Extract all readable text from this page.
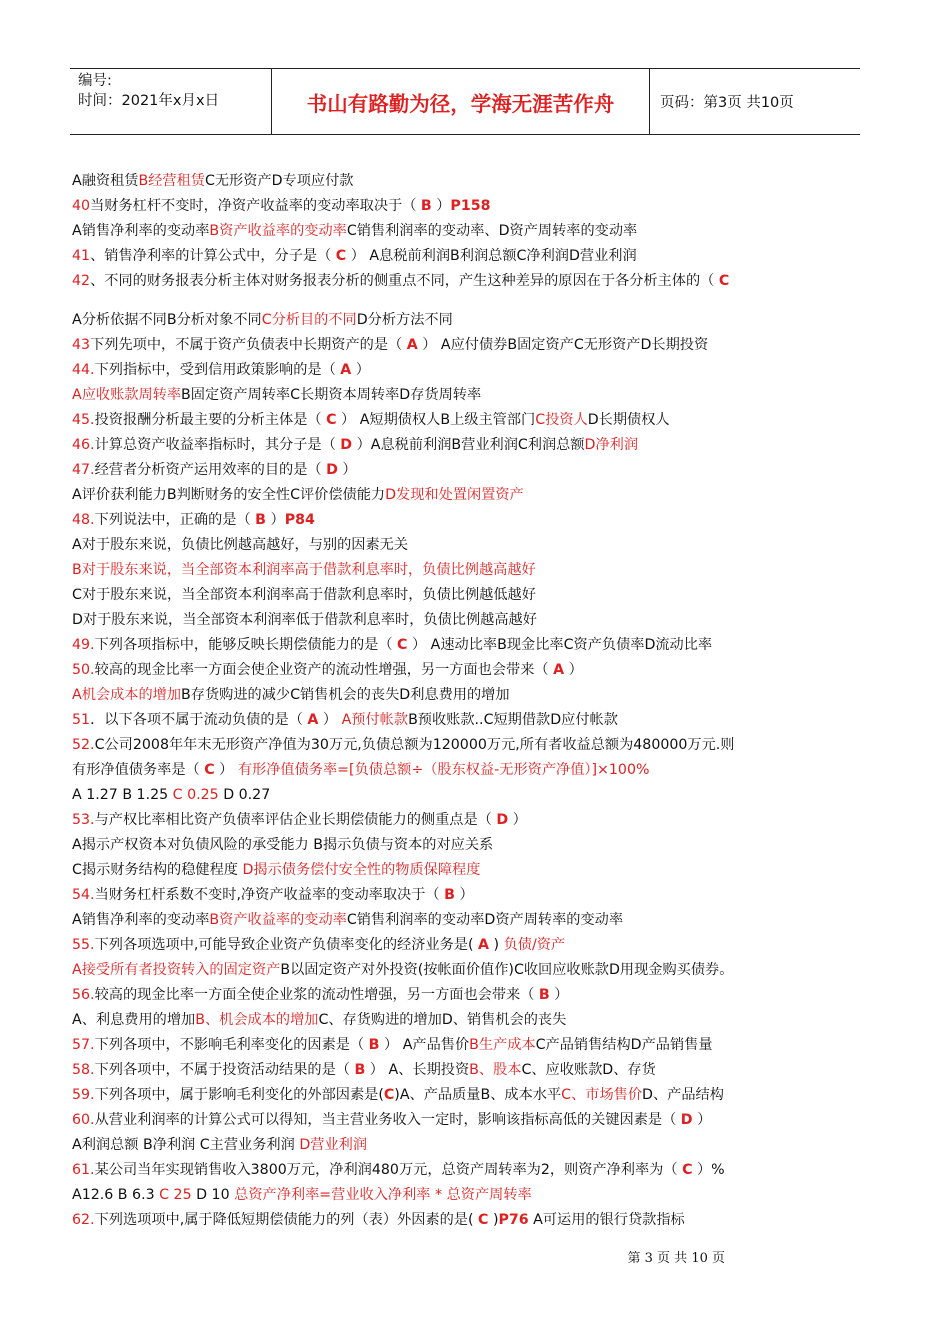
编号:
时间：2021年x月x日	书山有路勤为径，学海无涯苦作舟	页码：第3页 共10页
A融资租赁B经营租赁C无形资产D专项应付款
40当财务杠杆不变时，净资产收益率的变动率取决于（ B ）P158
A销售净利率的变动率B资产收益率的变动率C销售利润率的变动率、D资产周转率的变动率
41、销售净利率的计算公式中，分子是（ C ） A息税前利润B利润总额C净利润D营业利润
42、不同的财务报表分析主体对财务报表分析的侧重点不同，产生这种差异的原因在于各分析主体的（ C
A分析依据不同B分析对象不同C分析目的不同D分析方法不同
43下列先项中，不属于资产负债表中长期资产的是（ A ） A应付债券B固定资产C无形资产D长期投资
44.下列指标中，受到信用政策影响的是（ A ）
A应收账款周转率B固定资产周转率C长期资本周转率D存货周转率
45.投资报酬分析最主要的分析主体是（ C ） A短期债权人B上级主管部门C投资人D长期债权人
46.计算总资产收益率指标时，其分子是（ D ）A息税前利润B营业利润C利润总额D净利润
47.经营者分析资产运用效率的目的是（ D ）
A评价获利能力B判断财务的安全性C评价偿债能力D发现和处置闲置资产
48.下列说法中，正确的是（ B ）P84
A对于股东来说，负债比例越高越好，与别的因素无关
B对于股东来说，当全部资本利润率高于借款利息率时，负债比例越高越好
C对于股东来说，当全部资本利润率高于借款利息率时，负债比例越低越好
D对于股东来说，当全部资本利润率低于借款利息率时，负债比例越高越好
49.下列各项指标中，能够反映长期偿债能力的是（ C ） A速动比率B现金比率C资产负债率D流动比率
50.较高的现金比率一方面会使企业资产的流动性增强，另一方面也会带来（ A ）
A机会成本的增加B存货购进的减少C销售机会的丧失D利息费用的增加
51．以下各项不属于流动负债的是（ A ） A预付帐款B预收账款..C短期借款D应付帐款
52.C公司2008年年末无形资产净值为30万元,负债总额为120000万元,所有者收益总额为480000万元.则
有形净值债务率是（ C ） 有形净值债务率=[负债总额÷（股东权益-无形资产净值）]×100%
A 1.27 B 1.25 C 0.25 D 0.27
53.与产权比率相比资产负债率评估企业长期偿债能力的侧重点是（ D ）
A揭示产权资本对负债风险的承受能力 B揭示负债与资本的对应关系
C揭示财务结构的稳健程度 D揭示债务偿付安全性的物质保障程度
54.当财务杠杆系数不变时,净资产收益率的变动率取决于（ B ）
A销售净利率的变动率B资产收益率的变动率C销售利润率的变动率D资产周转率的变动率
55.下列各项选项中,可能导致企业资产负债率变化的经济业务是( A ) 负债/资产
A接受所有者投资转入的固定资产B以固定资产对外投资(按帐面价值作)C收回应收账款D用现金购买债券。
56.较高的现金比率一方面全使企业浆的流动性增强，另一方面也会带来（ B ）
A、利息费用的增加B、机会成本的增加C、存货购进的增加D、销售机会的丧失
57.下列各项中，不影响毛利率变化的因素是（ B ） A产品售价B生产成本C产品销售结构D产品销售量
58.下列各项中，不属于投资活动结果的是（ B ） A、长期投资B、股本C、应收账款D、存货
59.下列各项中，属于影响毛利变化的外部因素是(C)A、产品质量B、成本水平C、市场售价D、产品结构
60.从营业利润率的计算公式可以得知，当主营业务收入一定时，影响该指标高低的关键因素是（ D ）
A利润总额 B净利润 C主营业务利润 D营业利润
61.某公司当年实现销售收入3800万元，净利润480万元，总资产周转率为2，则资产净利率为（ C ）%
A12.6 B 6.3 C 25 D 10 总资产净利率=营业收入净利率 * 总资产周转率
62.下列选项项中,属于降低短期偿债能力的列（表）外因素的是( C )P76 A可运用的银行贷款指标
第 3 页 共 10 页
